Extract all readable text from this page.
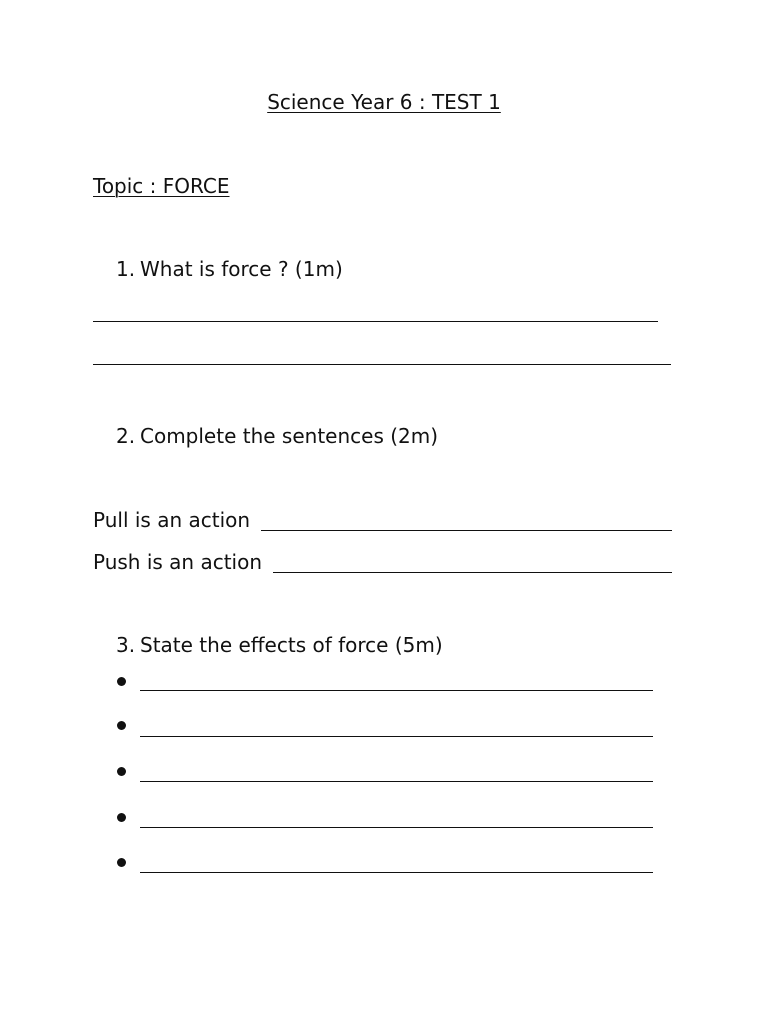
Science Year 6 : TEST 1
Topic : FORCE
1. What is force ? (1m)
2. Complete the sentences (2m)
Pull is an action
Push is an action
3. State the effects of force (5m)
